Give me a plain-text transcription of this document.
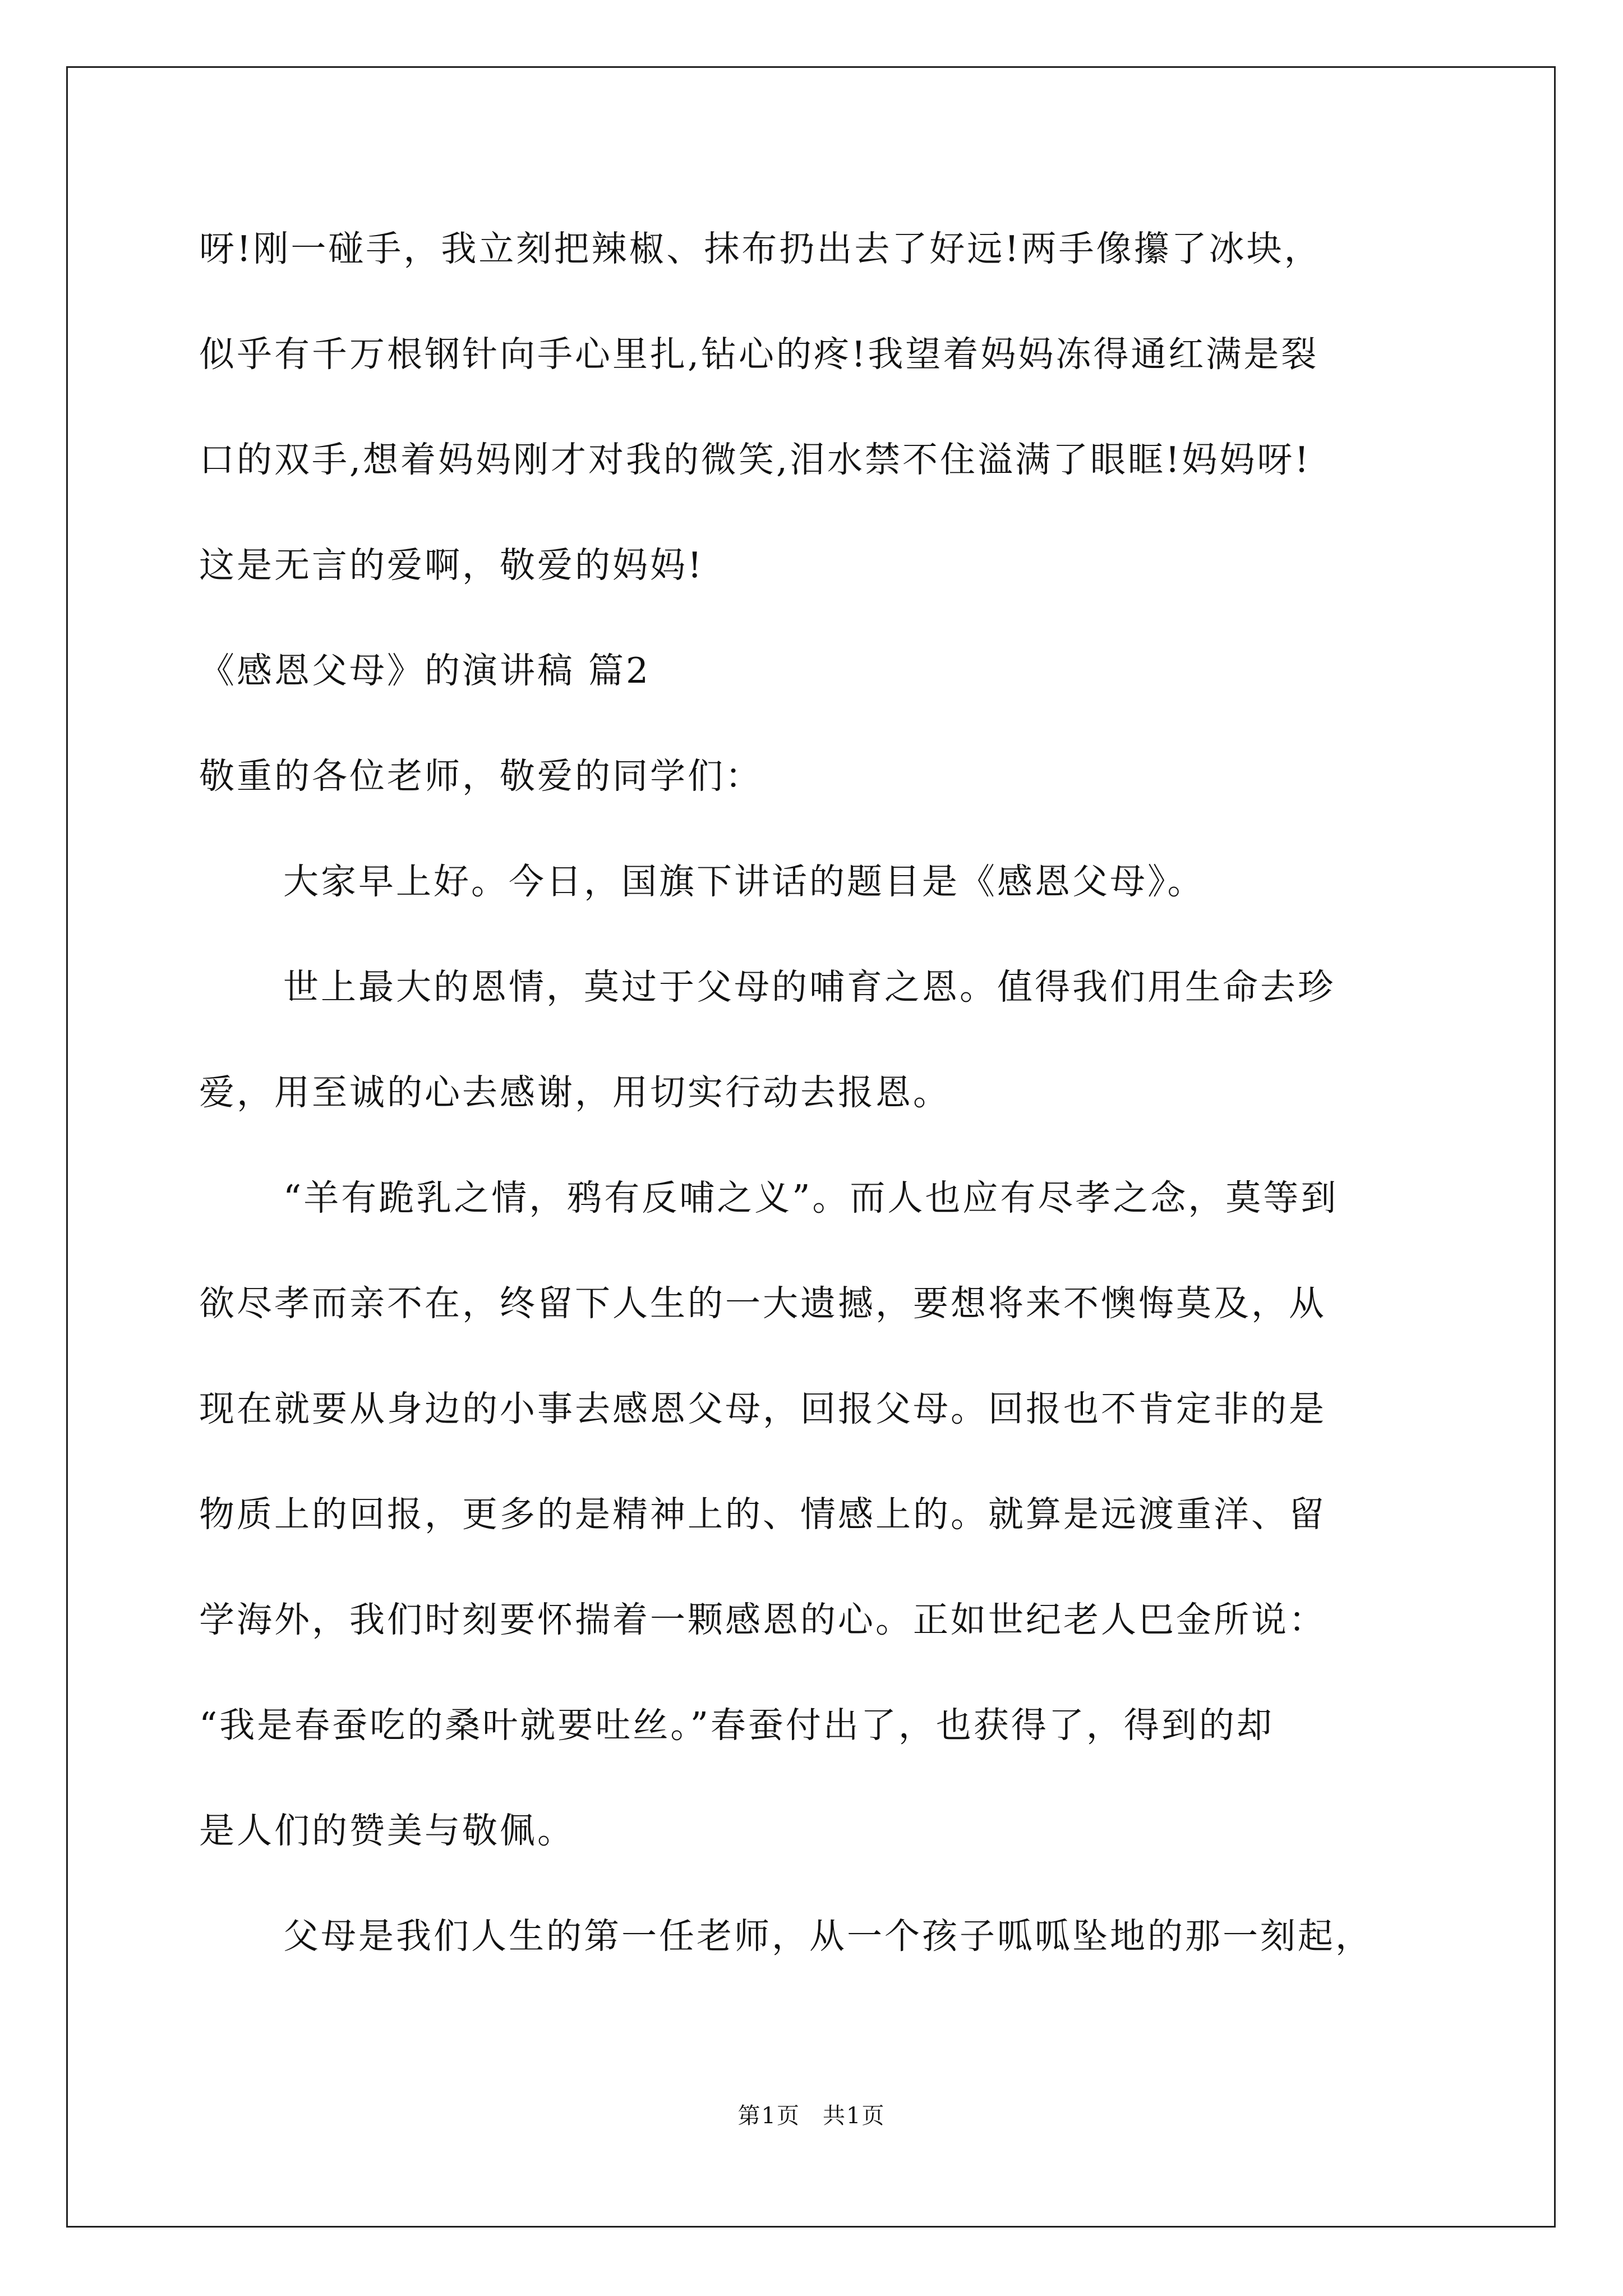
呀!刚一碰手，我立刻把辣椒、抹布扔出去了好远!两手像攥了冰块，
似乎有千万根钢针向手心里扎,钻心的疼!我望着妈妈冻得通红满是裂
口的双手,想着妈妈刚才对我的微笑,泪水禁不住溢满了眼眶!妈妈呀!
这是无言的爱啊，敬爱的妈妈!
《感恩父母》的演讲稿 篇2
敬重的各位老师，敬爱的同学们：
大家早上好。今日，国旗下讲话的题目是《感恩父母》。
世上最大的恩情，莫过于父母的哺育之恩。值得我们用生命去珍
爱，用至诚的心去感谢，用切实行动去报恩。
“羊有跪乳之情，鸦有反哺之义”。而人也应有尽孝之念，莫等到
欲尽孝而亲不在，终留下人生的一大遗撼，要想将来不懊悔莫及，从
现在就要从身边的小事去感恩父母，回报父母。回报也不肯定非的是
物质上的回报，更多的是精神上的、情感上的。就算是远渡重洋、留
学海外，我们时刻要怀揣着一颗感恩的心。正如世纪老人巴金所说：
“我是春蚕吃的桑叶就要吐丝。”春蚕付出了，也获得了，得到的却
是人们的赞美与敬佩。
父母是我们人生的第一任老师，从一个孩子呱呱坠地的那一刻起，
第1页 共1页
